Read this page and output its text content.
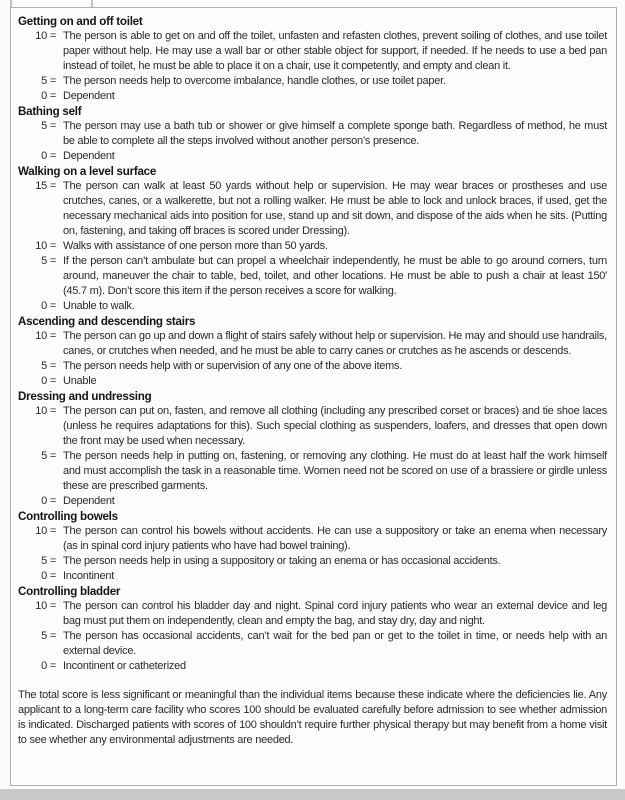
Getting on and off toilet
10 = The person is able to get on and off the toilet, unfasten and refasten clothes, prevent soiling of clothes, and use toilet paper without help. He may use a wall bar or other stable object for support, if needed. If he needs to use a bed pan instead of toilet, he must be able to place it on a chair, use it competently, and empty and clean it.
5 = The person needs help to overcome imbalance, handle clothes, or use toilet paper.
0 = Dependent
Bathing self
5 = The person may use a bath tub or shower or give himself a complete sponge bath. Regardless of method, he must be able to complete all the steps involved without another person’s presence.
0 = Dependent
Walking on a level surface
15 = The person can walk at least 50 yards without help or supervision. He may wear braces or prostheses and use crutches, canes, or a walkerette, but not a rolling walker. He must be able to lock and unlock braces, if used, get the necessary mechanical aids into position for use, stand up and sit down, and dispose of the aids when he sits. (Putting on, fastening, and taking off braces is scored under Dressing).
10 = Walks with assistance of one person more than 50 yards.
5 = If the person can’t ambulate but can propel a wheelchair independently, he must be able to go around corners, turn around, maneuver the chair to table, bed, toilet, and other locations. He must be able to push a chair at least 150′ (45.7 m). Don’t score this item if the person receives a score for walking.
0 = Unable to walk.
Ascending and descending stairs
10 = The person can go up and down a flight of stairs safely without help or supervision. He may and should use handrails, canes, or crutches when needed, and he must be able to carry canes or crutches as he ascends or descends.
5 = The person needs help with or supervision of any one of the above items.
0 = Unable
Dressing and undressing
10 = The person can put on, fasten, and remove all clothing (including any prescribed corset or braces) and tie shoe laces (unless he requires adaptations for this). Such special clothing as suspenders, loafers, and dresses that open down the front may be used when necessary.
5 = The person needs help in putting on, fastening, or removing any clothing. He must do at least half the work himself and must accomplish the task in a reasonable time. Women need not be scored on use of a brassiere or girdle unless these are prescribed garments.
0 = Dependent
Controlling bowels
10 = The person can control his bowels without accidents. He can use a suppository or take an enema when necessary (as in spinal cord injury patients who have had bowel training).
5 = The person needs help in using a suppository or taking an enema or has occasional accidents.
0 = Incontinent
Controlling bladder
10 = The person can control his bladder day and night. Spinal cord injury patients who wear an external device and leg bag must put them on independently, clean and empty the bag, and stay dry, day and night.
5 = The person has occasional accidents, can’t wait for the bed pan or get to the toilet in time, or needs help with an external device.
0 = Incontinent or catheterized
The total score is less significant or meaningful than the individual items because these indicate where the deficiencies lie. Any applicant to a long-term care facility who scores 100 should be evaluated carefully before admission to see whether admission is indicated. Discharged patients with scores of 100 shouldn’t require further physical therapy but may benefit from a home visit to see whether any environmental adjustments are needed.
